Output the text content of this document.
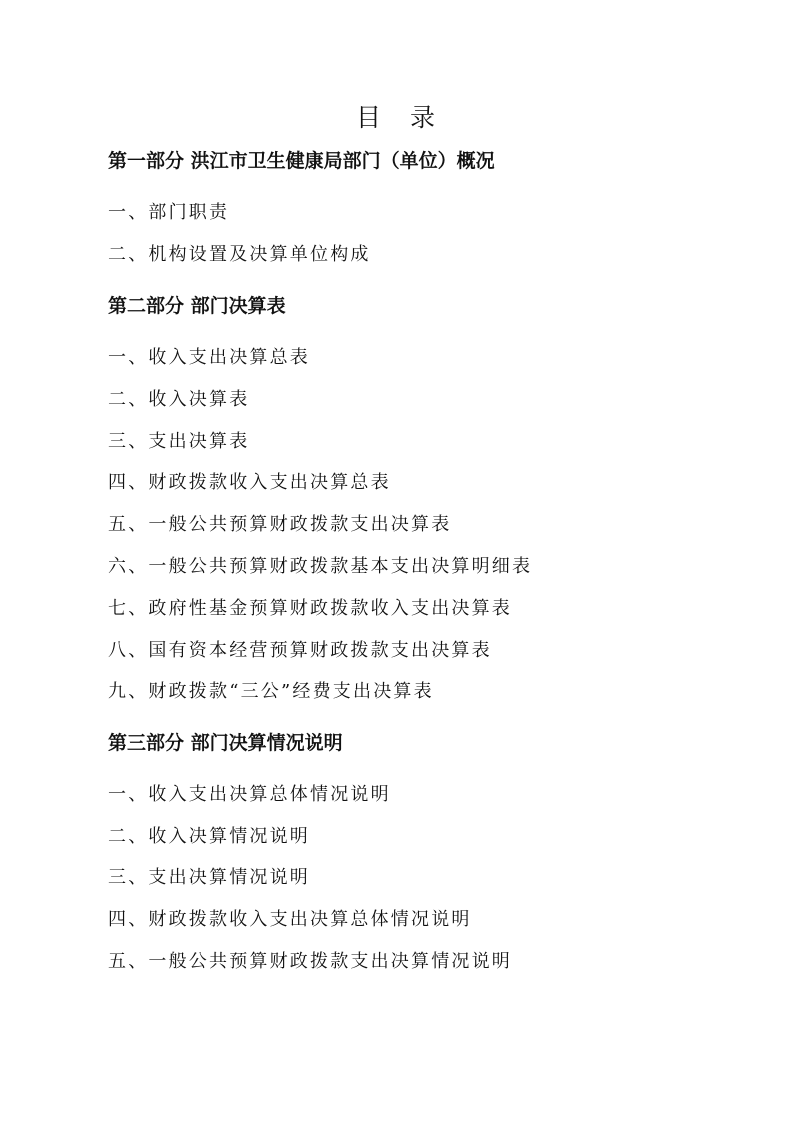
目　录

第一部分 洪江市卫生健康局部门（单位）概况

一、部门职责

二、机构设置及决算单位构成

第二部分 部门决算表

一、收入支出决算总表

二、收入决算表

三、支出决算表

四、财政拨款收入支出决算总表

五、一般公共预算财政拨款支出决算表

六、一般公共预算财政拨款基本支出决算明细表

七、政府性基金预算财政拨款收入支出决算表

八、国有资本经营预算财政拨款支出决算表

九、财政拨款“三公”经费支出决算表

第三部分 部门决算情况说明

一、收入支出决算总体情况说明

二、收入决算情况说明

三、支出决算情况说明

四、财政拨款收入支出决算总体情况说明

五、一般公共预算财政拨款支出决算情况说明
